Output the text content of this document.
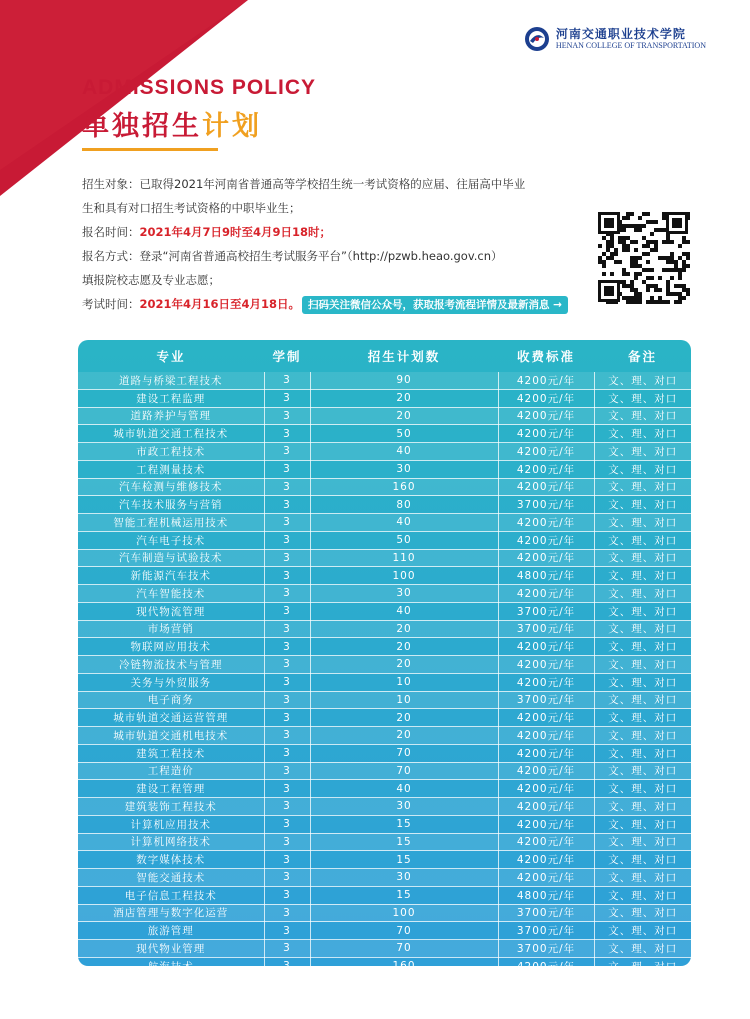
河南交通职业技术学院
HENAN COLLEGE OF TRANSPORTATION
ADMISSIONS POLICY
单独招生计划
招生对象：已取得2021年河南省普通高等学校招生统一考试资格的应届、往届高中毕业
生和具有对口招生考试资格的中职毕业生；
报名时间：2021年4月7日9时至4月9日18时；
报名方式：登录“河南省普通高校招生考试服务平台”（http://pzwb.heao.gov.cn）
填报院校志愿及专业志愿；
考试时间：2021年4月16日至4月18日。 扫码关注微信公众号，获取报考流程详情及最新消息 →
专业	学制	招生计划数	收费标准	备注
道路与桥梁工程技术	3	90	4200元/年	文、理、对口
建设工程监理	3	20	4200元/年	文、理、对口
道路养护与管理	3	20	4200元/年	文、理、对口
城市轨道交通工程技术	3	50	4200元/年	文、理、对口
市政工程技术	3	40	4200元/年	文、理、对口
工程测量技术	3	30	4200元/年	文、理、对口
汽车检测与维修技术	3	160	4200元/年	文、理、对口
汽车技术服务与营销	3	80	3700元/年	文、理、对口
智能工程机械运用技术	3	40	4200元/年	文、理、对口
汽车电子技术	3	50	4200元/年	文、理、对口
汽车制造与试验技术	3	110	4200元/年	文、理、对口
新能源汽车技术	3	100	4800元/年	文、理、对口
汽车智能技术	3	30	4200元/年	文、理、对口
现代物流管理	3	40	3700元/年	文、理、对口
市场营销	3	20	3700元/年	文、理、对口
物联网应用技术	3	20	4200元/年	文、理、对口
冷链物流技术与管理	3	20	4200元/年	文、理、对口
关务与外贸服务	3	10	4200元/年	文、理、对口
电子商务	3	10	3700元/年	文、理、对口
城市轨道交通运营管理	3	20	4200元/年	文、理、对口
城市轨道交通机电技术	3	20	4200元/年	文、理、对口
建筑工程技术	3	70	4200元/年	文、理、对口
工程造价	3	70	4200元/年	文、理、对口
建设工程管理	3	40	4200元/年	文、理、对口
建筑装饰工程技术	3	30	4200元/年	文、理、对口
计算机应用技术	3	15	4200元/年	文、理、对口
计算机网络技术	3	15	4200元/年	文、理、对口
数字媒体技术	3	15	4200元/年	文、理、对口
智能交通技术	3	30	4200元/年	文、理、对口
电子信息工程技术	3	15	4800元/年	文、理、对口
酒店管理与数字化运营	3	100	3700元/年	文、理、对口
旅游管理	3	70	3700元/年	文、理、对口
现代物业管理	3	70	3700元/年	文、理、对口
航海技术	3	160	4200元/年	文、理、对口
轮机工程技术	3	120	4200元/年	文、理、对口
